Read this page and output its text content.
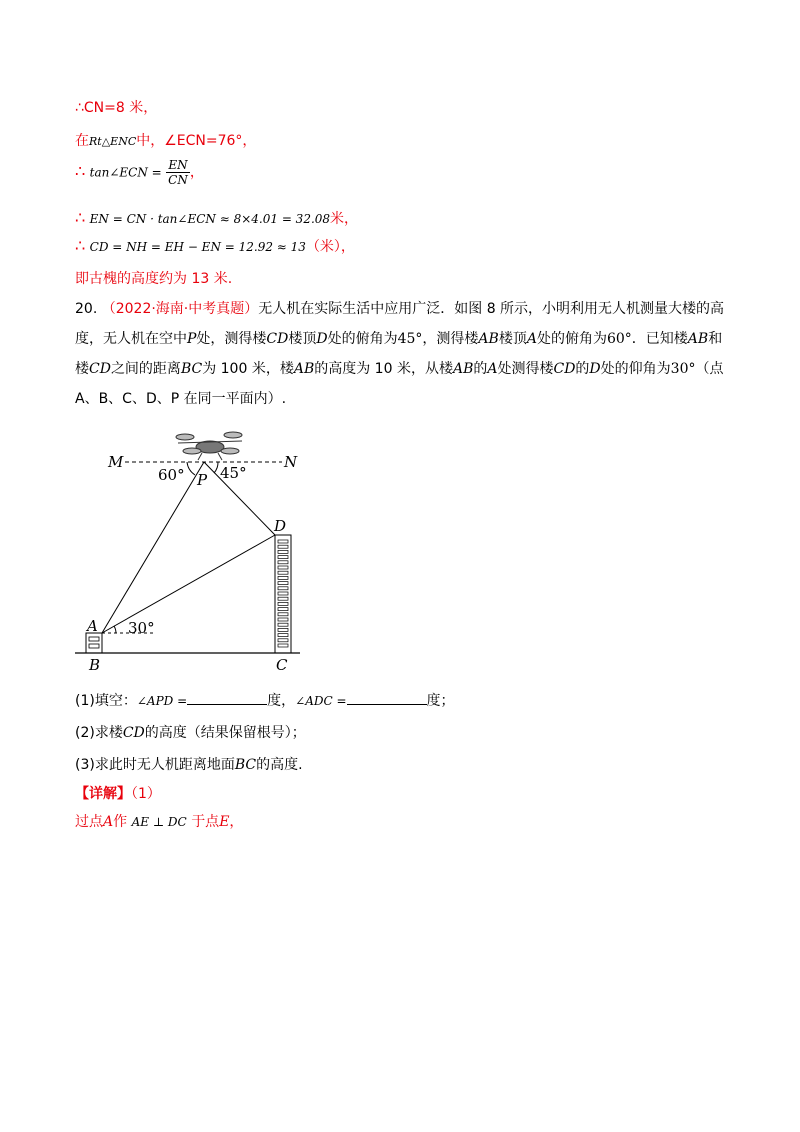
∴CN=8 米，
在Rt△ENC中，∠ECN=76°，
∴ tan∠ECN = $\frac{EN}{CN}$ ，
∴ EN = CN · tan∠ECN ≈ 8×4.01 = 32.08米，
∴ CD = NH = EH − EN = 12.92 ≈ 13（米），
即古槐的高度约为 13 米.
20. （2022·海南·中考真题）无人机在实际生活中应用广泛．如图 8 所示，小明利用无人机测量大楼的高度，无人机在空中P处，测得楼CD楼顶D处的俯角为45°，测得楼AB楼顶A处的俯角为60°．已知楼AB和楼CD之间的距离BC为 100 米，楼AB的高度为 10 米，从楼AB的A处测得楼CD的D处的仰角为30°（点 A、B、C、D、P 在同一平面内）.
M	N
60° 45°
P
30°
A
B
D
C
(1)填空：∠APD =	度，∠ADC =	度；
(2)求楼CD的高度（结果保留根号）；
(3)求此时无人机距离地面BC的高度.
【详解】（1）
过点A作 AE ⊥ DC 于点E，
